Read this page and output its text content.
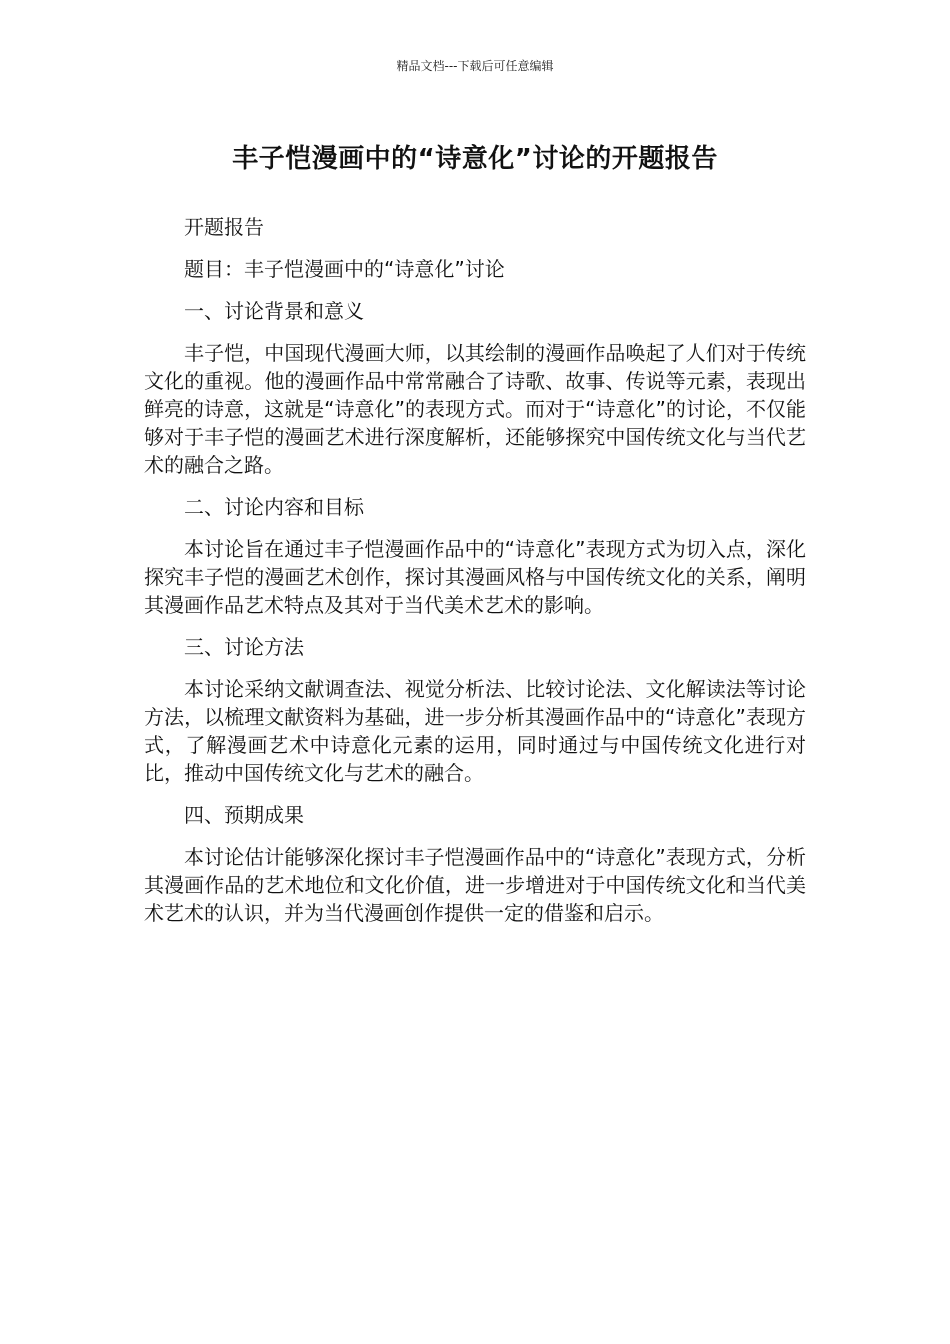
精品文档---下载后可任意编辑
丰子恺漫画中的“诗意化”讨论的开题报告

开题报告

题目：丰子恺漫画中的“诗意化”讨论

一、讨论背景和意义

丰子恺，中国现代漫画大师，以其绘制的漫画作品唤起了人们对于传统文化的重视。他的漫画作品中常常融合了诗歌、故事、传说等元素，表现出鲜亮的诗意，这就是“诗意化”的表现方式。而对于“诗意化”的讨论，不仅能够对于丰子恺的漫画艺术进行深度解析，还能够探究中国传统文化与当代艺术的融合之路。

二、讨论内容和目标

本讨论旨在通过丰子恺漫画作品中的“诗意化”表现方式为切入点，深化探究丰子恺的漫画艺术创作，探讨其漫画风格与中国传统文化的关系，阐明其漫画作品艺术特点及其对于当代美术艺术的影响。

三、讨论方法

本讨论采纳文献调查法、视觉分析法、比较讨论法、文化解读法等讨论方法，以梳理文献资料为基础，进一步分析其漫画作品中的“诗意化”表现方式，了解漫画艺术中诗意化元素的运用，同时通过与中国传统文化进行对比，推动中国传统文化与艺术的融合。

四、预期成果

本讨论估计能够深化探讨丰子恺漫画作品中的“诗意化”表现方式，分析其漫画作品的艺术地位和文化价值，进一步增进对于中国传统文化和当代美术艺术的认识，并为当代漫画创作提供一定的借鉴和启示。
